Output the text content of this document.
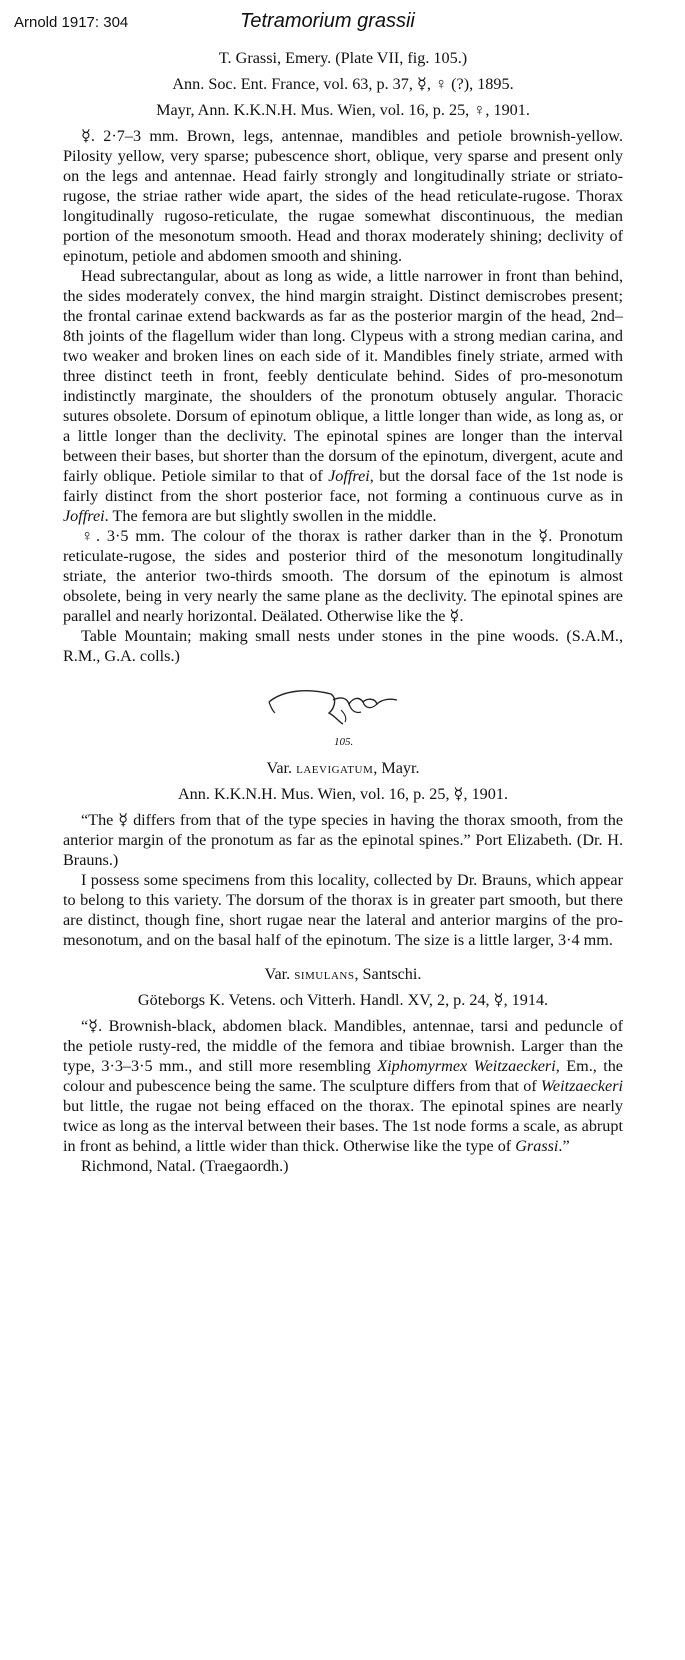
Arnold 1917: 304	Tetramorium grassii
T. Grassi, Emery. (Plate VII, fig. 105.)
Ann. Soc. Ent. France, vol. 63, p. 37, ☿, ♀ (?), 1895.
Mayr, Ann. K.K.N.H. Mus. Wien, vol. 16, p. 25, ♀, 1901.

☿. 2·7–3 mm. Brown, legs, antennae, mandibles and petiole brownish-yellow. Pilosity yellow, very sparse; pubescence short, oblique, very sparse and present only on the legs and antennae. Head fairly strongly and longitudinally striate or striato-rugose, the striae rather wide apart, the sides of the head reticulate-rugose. Thorax longitudinally rugoso-reticulate, the rugae somewhat discontinuous, the median portion of the mesonotum smooth. Head and thorax moderately shining; declivity of epinotum, petiole and abdomen smooth and shining.

Head subrectangular, about as long as wide, a little narrower in front than behind, the sides moderately convex, the hind margin straight. Distinct demiscrobes present; the frontal carinae extend backwards as far as the posterior margin of the head, 2nd–8th joints of the flagellum wider than long. Clypeus with a strong median carina, and two weaker and broken lines on each side of it. Mandibles finely striate, armed with three distinct teeth in front, feebly denticulate behind. Sides of pro-mesonotum indistinctly marginate, the shoulders of the pronotum obtusely angular. Thoracic sutures obsolete. Dorsum of epinotum oblique, a little longer than wide, as long as, or a little longer than the declivity. The epinotal spines are longer than the interval between their bases, but shorter than the dorsum of the epinotum, divergent, acute and fairly oblique. Petiole similar to that of Joffrei, but the dorsal face of the 1st node is fairly distinct from the short posterior face, not forming a continuous curve as in Joffrei. The femora are but slightly swollen in the middle.

♀. 3·5 mm. The colour of the thorax is rather darker than in the ☿. Pronotum reticulate-rugose, the sides and posterior third of the mesonotum longitudinally striate, the anterior two-thirds smooth. The dorsum of the epinotum is almost obsolete, being in very nearly the same plane as the declivity. The epinotal spines are parallel and nearly horizontal. Deälated. Otherwise like the ☿.

Table Mountain; making small nests under stones in the pine woods. (S.A.M., R.M., G.A. colls.)

105.
Var. laevigatum, Mayr.
Ann. K.K.N.H. Mus. Wien, vol. 16, p. 25, ☿, 1901.

“The ☿ differs from that of the type species in having the thorax smooth, from the anterior margin of the pronotum as far as the epinotal spines.” Port Elizabeth. (Dr. H. Brauns.)

I possess some specimens from this locality, collected by Dr. Brauns, which appear to belong to this variety. The dorsum of the thorax is in greater part smooth, but there are distinct, though fine, short rugae near the lateral and anterior margins of the pro-mesonotum, and on the basal half of the epinotum. The size is a little larger, 3·4 mm.

Var. simulans, Santschi.
Göteborgs K. Vetens. och Vitterh. Handl. XV, 2, p. 24, ☿, 1914.

“☿. Brownish-black, abdomen black. Mandibles, antennae, tarsi and peduncle of the petiole rusty-red, the middle of the femora and tibiae brownish. Larger than the type, 3·3–3·5 mm., and still more resembling Xiphomyrmex Weitzaeckeri, Em., the colour and pubescence being the same. The sculpture differs from that of Weitzaeckeri but little, the rugae not being effaced on the thorax. The epinotal spines are nearly twice as long as the interval between their bases. The 1st node forms a scale, as abrupt in front as behind, a little wider than thick. Otherwise like the type of Grassi.”

Richmond, Natal. (Traegaordh.)
